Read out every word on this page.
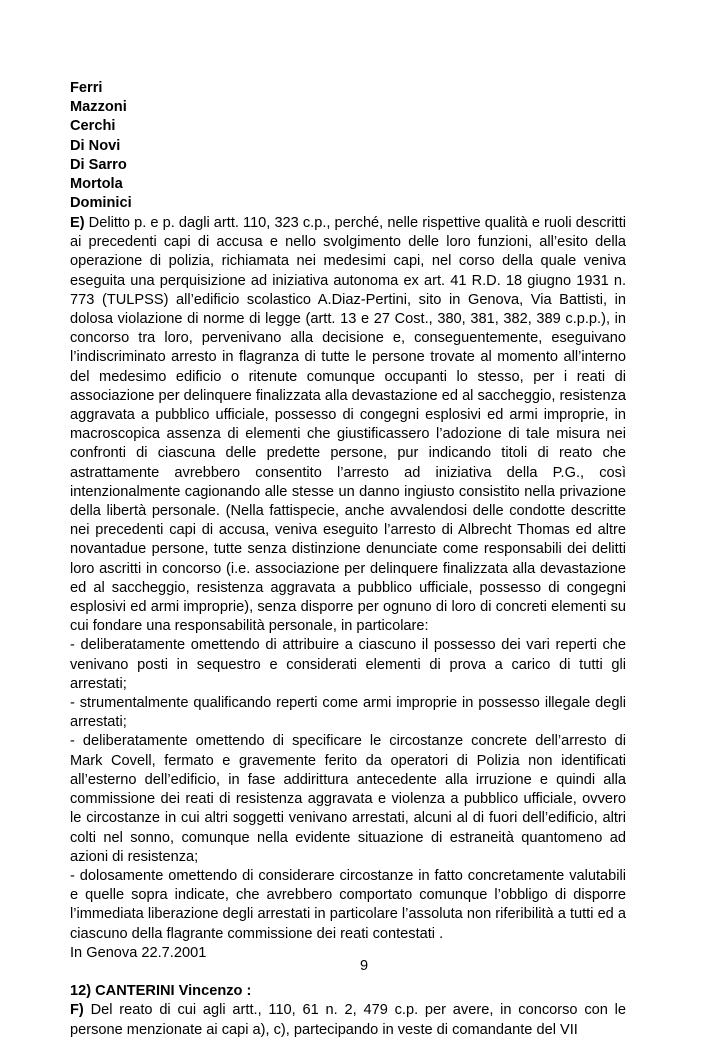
Ferri
Mazzoni
Cerchi
Di Novi
Di Sarro
Mortola
Dominici

E) Delitto p. e p. dagli artt. 110, 323 c.p., perché, nelle rispettive qualità e ruoli descritti ai precedenti capi di accusa e nello svolgimento delle loro funzioni, all’esito della operazione di polizia, richiamata nei medesimi capi, nel corso della quale veniva eseguita una perquisizione ad iniziativa autonoma ex art. 41 R.D. 18 giugno 1931 n. 773 (TULPSS) all’edificio scolastico A.Diaz-Pertini, sito in Genova, Via Battisti, in dolosa violazione di norme di legge (artt. 13 e 27 Cost., 380, 381, 382, 389 c.p.p.), in concorso tra loro, pervenivano alla decisione e, conseguentemente, eseguivano l’indiscriminato arresto in flagranza di tutte le persone trovate al momento all’interno del medesimo edificio o ritenute comunque occupanti lo stesso, per i reati di associazione per delinquere finalizzata alla devastazione ed al saccheggio, resistenza aggravata a pubblico ufficiale, possesso di congegni esplosivi ed armi improprie, in macroscopica assenza di elementi che giustificassero l’adozione di tale misura nei confronti di ciascuna delle predette persone, pur indicando titoli di reato che astrattamente avrebbero consentito l’arresto ad iniziativa della P.G., così intenzionalmente cagionando alle stesse un danno ingiusto consistito nella privazione della libertà personale. (Nella fattispecie, anche avvalendosi delle condotte descritte nei precedenti capi di accusa, veniva eseguito l’arresto di Albrecht Thomas ed altre novantadue persone, tutte senza distinzione denunciate come responsabili dei delitti loro ascritti in concorso (i.e. associazione per delinquere finalizzata alla devastazione ed al saccheggio, resistenza aggravata a pubblico ufficiale, possesso di congegni esplosivi ed armi improprie), senza disporre per ognuno di loro di concreti elementi su cui fondare una responsabilità personale, in particolare:

- deliberatamente omettendo di attribuire a ciascuno il possesso dei vari reperti che venivano posti in sequestro e considerati elementi di prova a carico di tutti gli arrestati;

- strumentalmente qualificando reperti come armi improprie in possesso illegale degli arrestati;

- deliberatamente omettendo di specificare le circostanze concrete dell’arresto di Mark Covell, fermato e gravemente ferito da operatori di Polizia non identificati all’esterno dell’edificio, in fase addirittura antecedente alla irruzione e quindi alla commissione dei reati di resistenza aggravata e violenza a pubblico ufficiale, ovvero le circostanze in cui altri soggetti venivano arrestati, alcuni al di fuori dell’edificio, altri colti nel sonno, comunque nella evidente situazione di estraneità quantomeno ad azioni di resistenza;

- dolosamente omettendo di considerare circostanze in fatto concretamente valutabili e quelle sopra indicate, che avrebbero comportato comunque l’obbligo di disporre l’immediata liberazione degli arrestati in particolare l’assoluta non riferibilità a tutti ed a ciascuno della flagrante commissione dei reati contestati .

In Genova 22.7.2001

12) CANTERINI Vincenzo :

F) Del reato di cui agli artt., 110, 61 n. 2, 479 c.p. per avere, in concorso con le persone menzionate ai capi a), c), partecipando in veste di comandante del VII

9
